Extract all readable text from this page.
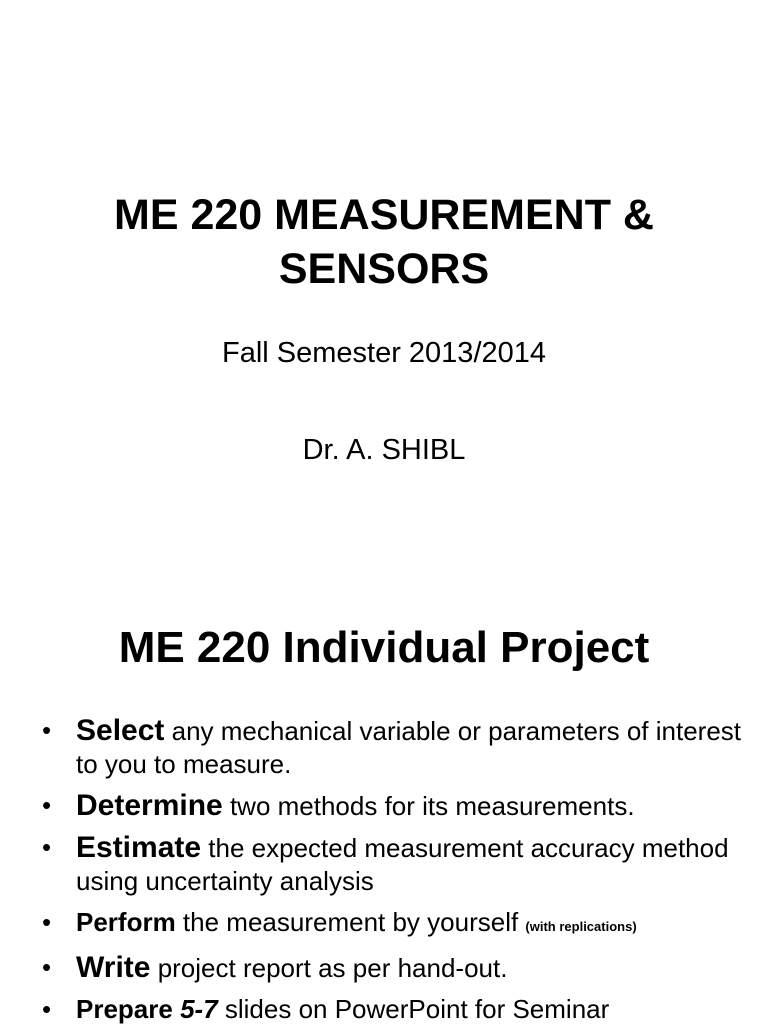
ME 220 MEASUREMENT &
SENSORS
Fall Semester 2013/2014
Dr. A. SHIBL
ME 220 Individual Project
• Select any mechanical variable or parameters of interest to you to measure.
• Determine two methods for its measurements.
• Estimate the expected measurement accuracy method using uncertainty analysis
• Perform the measurement by yourself (with replications)
• Write project report as per hand-out.
• Prepare 5-7 slides on PowerPoint for Seminar
